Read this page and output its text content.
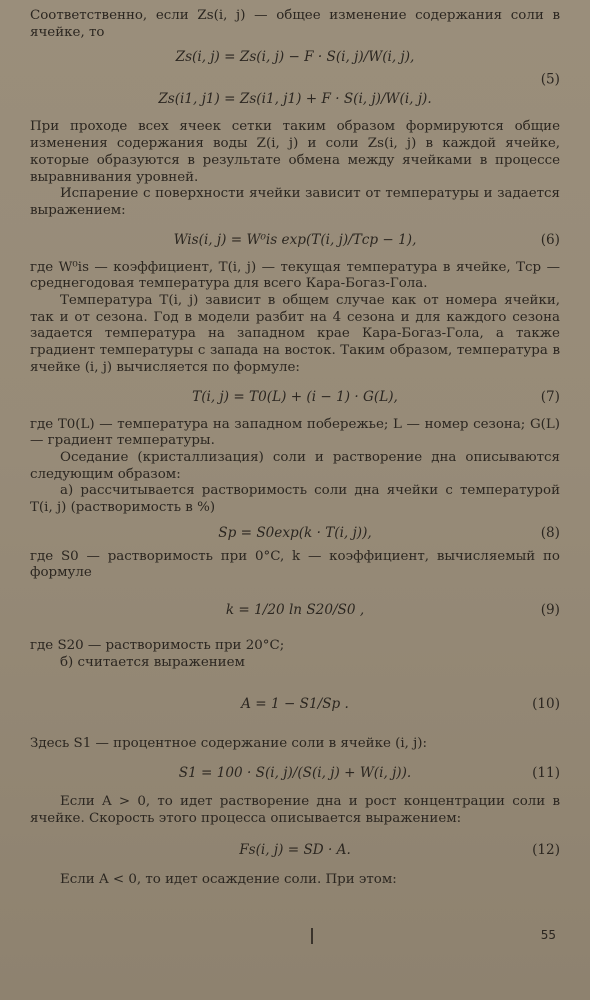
Соответственно, если Zs(i, j) — общее изменение содержания соли в ячейке, то

Zs(i, j) = Zs(i, j) − F · S(i, j)/W(i, j),
Zs(i1, j1) = Zs(i1, j1) + F · S(i, j)/W(i, j).
(5)

При проходе всех ячеек сетки таким образом формируются общие изменения содержания воды Z(i, j) и соли Zs(i, j) в каждой ячейке, которые образуются в результате обмена между ячейками в процессе выравнивания уровней.

Испарение с поверхности ячейки зависит от температуры и задается выражением:

Wis(i, j) = W⁰is exp(T(i, j)/Tср − 1),	(6)

где W⁰is — коэффициент, T(i, j) — текущая температура в ячейке, Tср — среднегодовая температура для всего Кара-Богаз-Гола.

Температура T(i, j) зависит в общем случае как от номера ячейки, так и от сезона. Год в модели разбит на 4 сезона и для каждого сезона задается температура на западном крае Кара-Богаз-Гола, а также градиент температуры с запада на восток. Таким образом, температура в ячейке (i, j) вычисляется по формуле:

T(i, j) = T0(L) + (i − 1) · G(L),	(7)

где T0(L) — температура на западном побережье; L — номер сезона; G(L) — градиент температуры.

Оседание (кристаллизация) соли и растворение дна описываются следующим образом:

а) рассчитывается растворимость соли дна ячейки с температурой T(i, j) (растворимость в %)

Sp = S0exp(k · T(i, j)),	(8)

где S0 — растворимость при 0°C, k — коэффициент, вычисляемый по формуле

k = 1/20 ln S20/S0 ,	(9)

где S20 — растворимость при 20°C;

б) считается выражением

A = 1 − S1/Sp .	(10)

Здесь S1 — процентное содержание соли в ячейке (i, j):

S1 = 100 · S(i, j)/(S(i, j) + W(i, j)).	(11)

Если A > 0, то идет растворение дна и рост концентрации соли в ячейке. Скорость этого процесса описывается выражением:

Fs(i, j) = SD · A.	(12)

Если A < 0, то идет осаждение соли. При этом:

55
